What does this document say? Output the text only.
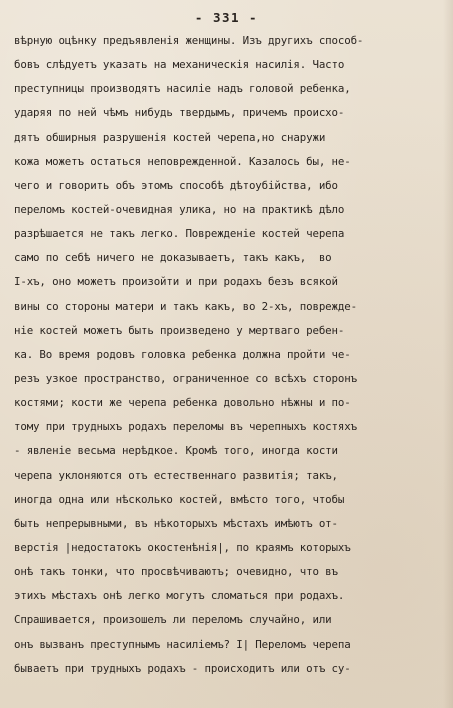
- 331 -
вѣрную оцѣнку предъявленія женщины. Изъ другихъ способ-
бовъ слѣдуетъ указать на механическія насилія. Часто
преступницы производятъ насиліе надъ головой ребенка,
ударяя по ней чѣмъ нибудь твердымъ, причемъ происхо-
дятъ обширныя разрушенія костей черепа,но снаружи
кожа можетъ остаться неповрежденной. Казалось бы, не-
чего и говорить объ этомъ способѣ дѣтоубійства, ибо
переломъ костей-очевидная улика, но на практикѣ дѣло
разрѣшается не такъ легко. Поврежденіе костей черепа
само по себѣ ничего не доказываетъ, такъ какъ,  во
I-хъ, оно можетъ произойти и при родахъ безъ всякой
вины со стороны матери и такъ какъ, во 2-хъ, поврежде-
ніе костей можетъ быть произведено у мертваго ребен-
ка. Во время родовъ головка ребенка должна пройти че-
резъ узкое пространство, ограниченное со всѣхъ сторонъ
костями; кости же черепа ребенка довольно нѣжны и по-
тому при трудныхъ родахъ переломы въ черепныхъ костяхъ
- явленіе весьма нерѣдкое. Кромѣ того, иногда кости
черепа уклоняются отъ естественнаго развитія; такъ,
иногда одна или нѣсколько костей, вмѣсто того, чтобы
быть непрерывными, въ нѣкоторыхъ мѣстахъ имѣютъ от-
верстія |недостатокъ окостенѣнія|, по краямъ которыхъ
онѣ такъ тонки, что просвѣчиваютъ; очевидно, что въ
этихъ мѣстахъ онѣ легко могутъ сломаться при родахъ.
Спрашивается, произошелъ ли переломъ случайно, или
онъ вызванъ преступнымъ насиліемъ? I| Переломъ черепа
бываетъ при трудныхъ родахъ - происходитъ или отъ су-
